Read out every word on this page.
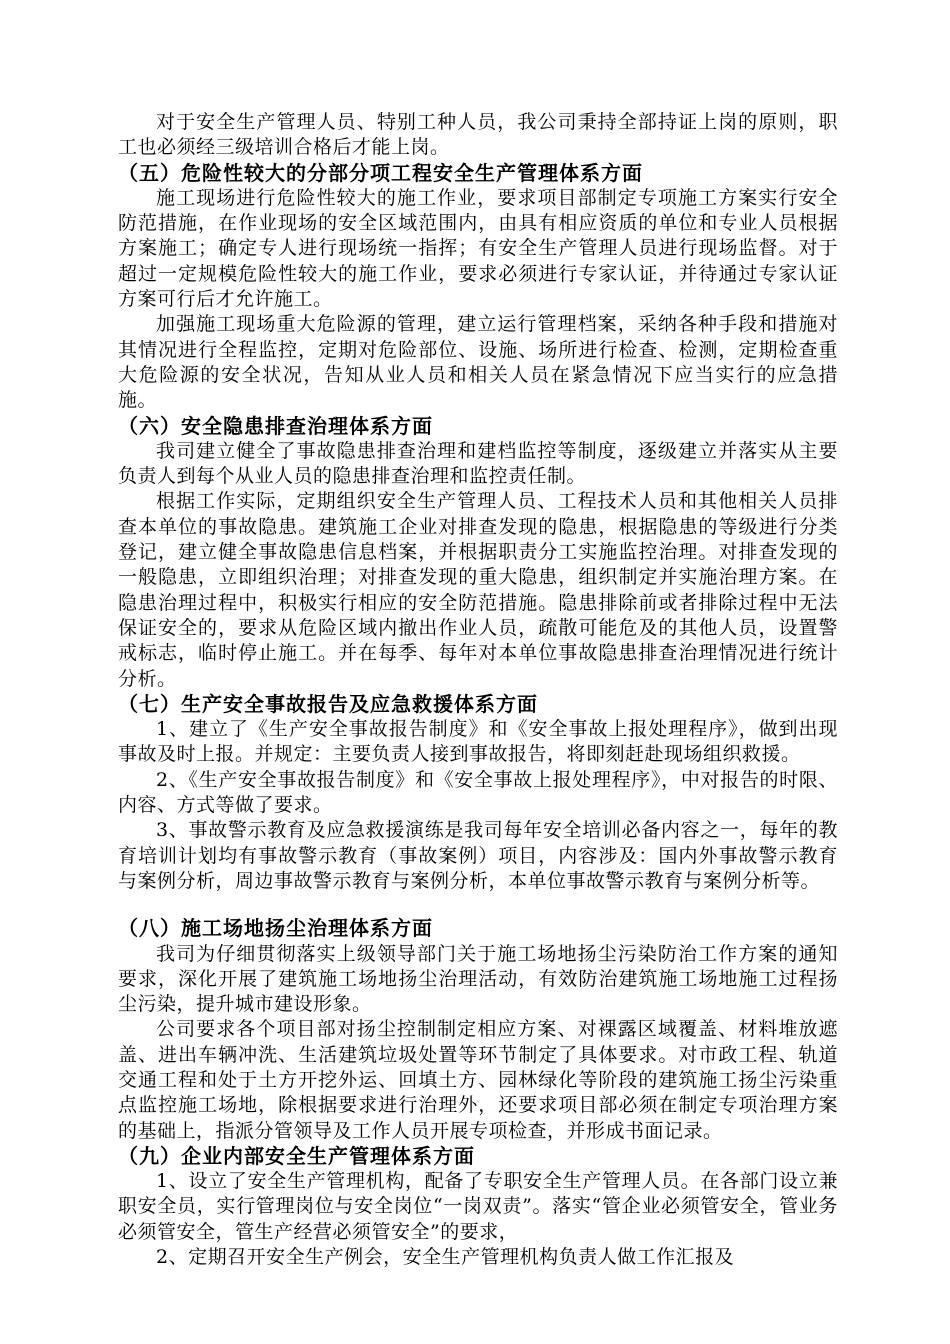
对于安全生产管理人员、特别工种人员，我公司秉持全部持证上岗的原则，职工也必须经三级培训合格后才能上岗。

（五）危险性较大的分部分项工程安全生产管理体系方面

施工现场进行危险性较大的施工作业，要求项目部制定专项施工方案实行安全防范措施，在作业现场的安全区域范围内，由具有相应资质的单位和专业人员根据方案施工；确定专人进行现场统一指挥；有安全生产管理人员进行现场监督。对于超过一定规模危险性较大的施工作业，要求必须进行专家认证，并待通过专家认证方案可行后才允许施工。

加强施工现场重大危险源的管理，建立运行管理档案，采纳各种手段和措施对其情况进行全程监控，定期对危险部位、设施、场所进行检查、检测，定期检查重大危险源的安全状况，告知从业人员和相关人员在紧急情况下应当实行的应急措施。

（六）安全隐患排查治理体系方面

我司建立健全了事故隐患排查治理和建档监控等制度，逐级建立并落实从主要负责人到每个从业人员的隐患排查治理和监控责任制。

根据工作实际，定期组织安全生产管理人员、工程技术人员和其他相关人员排查本单位的事故隐患。建筑施工企业对排查发现的隐患，根据隐患的等级进行分类登记，建立健全事故隐患信息档案，并根据职责分工实施监控治理。对排查发现的一般隐患，立即组织治理；对排查发现的重大隐患，组织制定并实施治理方案。在隐患治理过程中，积极实行相应的安全防范措施。隐患排除前或者排除过程中无法保证安全的，要求从危险区域内撤出作业人员，疏散可能危及的其他人员，设置警戒标志，临时停止施工。并在每季、每年对本单位事故隐患排查治理情况进行统计分析。

（七）生产安全事故报告及应急救援体系方面

1、建立了《生产安全事故报告制度》和《安全事故上报处理程序》，做到出现事故及时上报。并规定：主要负责人接到事故报告，将即刻赶赴现场组织救援。

2、《生产安全事故报告制度》和《安全事故上报处理程序》，中对报告的时限、内容、方式等做了要求。

3、事故警示教育及应急救援演练是我司每年安全培训必备内容之一，每年的教育培训计划均有事故警示教育（事故案例）项目，内容涉及：国内外事故警示教育与案例分析，周边事故警示教育与案例分析，本单位事故警示教育与案例分析等。

（八）施工场地扬尘治理体系方面

我司为仔细贯彻落实上级领导部门关于施工场地扬尘污染防治工作方案的通知要求，深化开展了建筑施工场地扬尘治理活动，有效防治建筑施工场地施工过程扬尘污染，提升城市建设形象。

公司要求各个项目部对扬尘控制制定相应方案、对裸露区域覆盖、材料堆放遮盖、进出车辆冲洗、生活建筑垃圾处置等环节制定了具体要求。对市政工程、轨道交通工程和处于土方开挖外运、回填土方、园林绿化等阶段的建筑施工扬尘污染重点监控施工场地，除根据要求进行治理外，还要求项目部必须在制定专项治理方案的基础上，指派分管领导及工作人员开展专项检查，并形成书面记录。

（九）企业内部安全生产管理体系方面

1、设立了安全生产管理机构，配备了专职安全生产管理人员。在各部门设立兼职安全员，实行管理岗位与安全岗位“一岗双责”。落实“管企业必须管安全，管业务必须管安全，管生产经营必须管安全”的要求，

2、定期召开安全生产例会，安全生产管理机构负责人做工作汇报及
